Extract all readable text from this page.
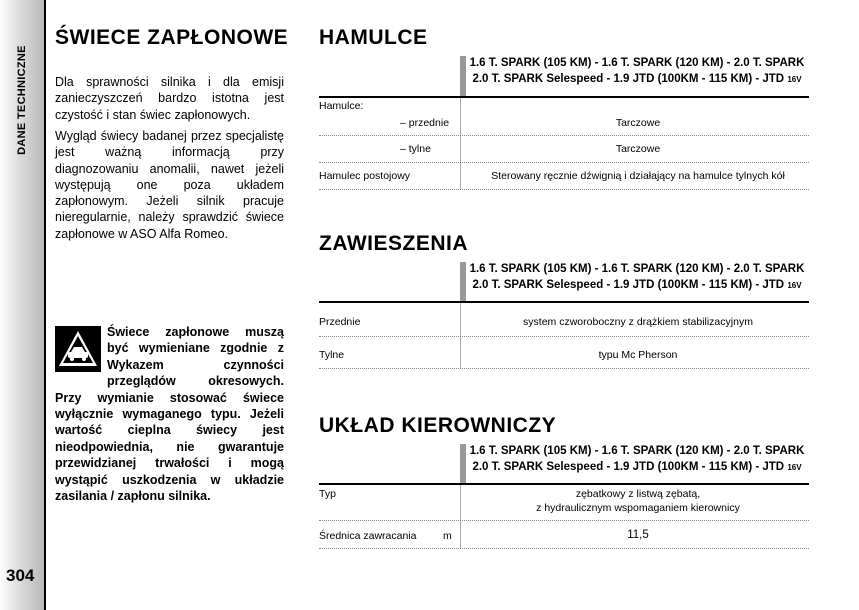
DANE TECHNICZNE
304
ŚWIECE ZAPŁONOWE
Dla sprawności silnika i dla emisji zanieczyszczeń bardzo istotna jest czystość i stan świec zapłonowych.
Wygląd świecy badanej przez specjalistę jest ważną informacją przy diagnozowaniu anomalii, nawet jeżeli występują one poza układem zapłonowym. Jeżeli silnik pracuje nieregularnie, należy sprawdzić świece zapłonowe w ASO Alfa Romeo.
Świece zapłonowe muszą być wymieniane zgodnie z Wykazem czynności przeglądów okresowych. Przy wymianie stosować świece wyłącznie wymaganego typu. Jeżeli wartość cieplna świecy jest nieodpowiednia, nie gwarantuje przewidzianej trwałości i mogą wystąpić uszkodzenia w układzie zasilania / zapłonu silnika.
HAMULCE
1.6 T. SPARK (105 KM) - 1.6 T. SPARK (120 KM) - 2.0 T. SPARK
2.0 T. SPARK Selespeed - 1.9 JTD (100KM - 115 KM) - JTD 16V
Hamulce:
– przednie	Tarczowe
– tylne	Tarczowe
Hamulec postojowy	Sterowany ręcznie dźwignią i działający na hamulce tylnych kół
ZAWIESZENIA
1.6 T. SPARK (105 KM) - 1.6 T. SPARK (120 KM) - 2.0 T. SPARK
2.0 T. SPARK Selespeed - 1.9 JTD (100KM - 115 KM) - JTD 16V
Przednie	system czworoboczny z drążkiem stabilizacyjnym
Tylne	typu Mc Pherson
UKŁAD KIEROWNICZY
1.6 T. SPARK (105 KM) - 1.6 T. SPARK (120 KM) - 2.0 T. SPARK
2.0 T. SPARK Selespeed - 1.9 JTD (100KM - 115 KM) - JTD 16V
Typ	zębatkowy z listwą zębatą,
z hydraulicznym wspomaganiem kierownicy
Średnica zawracania	m	11,5
